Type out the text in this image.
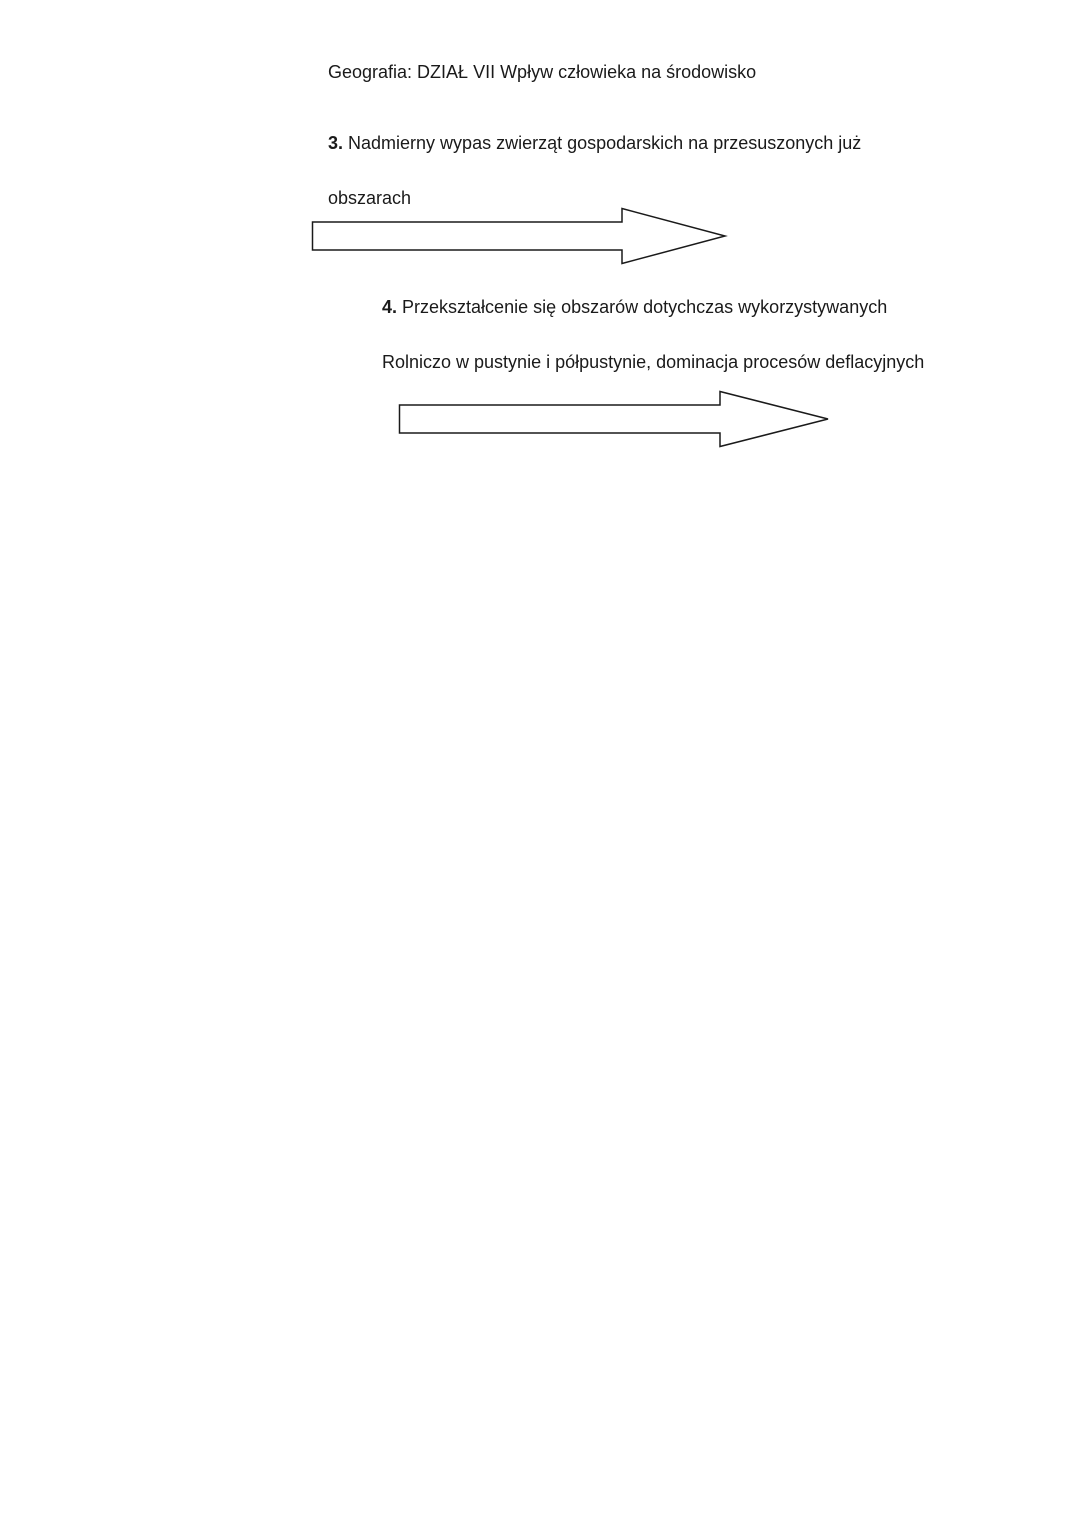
Geografia: DZIAŁ VII Wpływ człowieka na środowisko
3. Nadmierny wypas zwierząt gospodarskich na przesuszonych już
obszarach
4. Przekształcenie się obszarów dotychczas wykorzystywanych
Rolniczo w pustynie i półpustynie, dominacja procesów deflacyjnych
